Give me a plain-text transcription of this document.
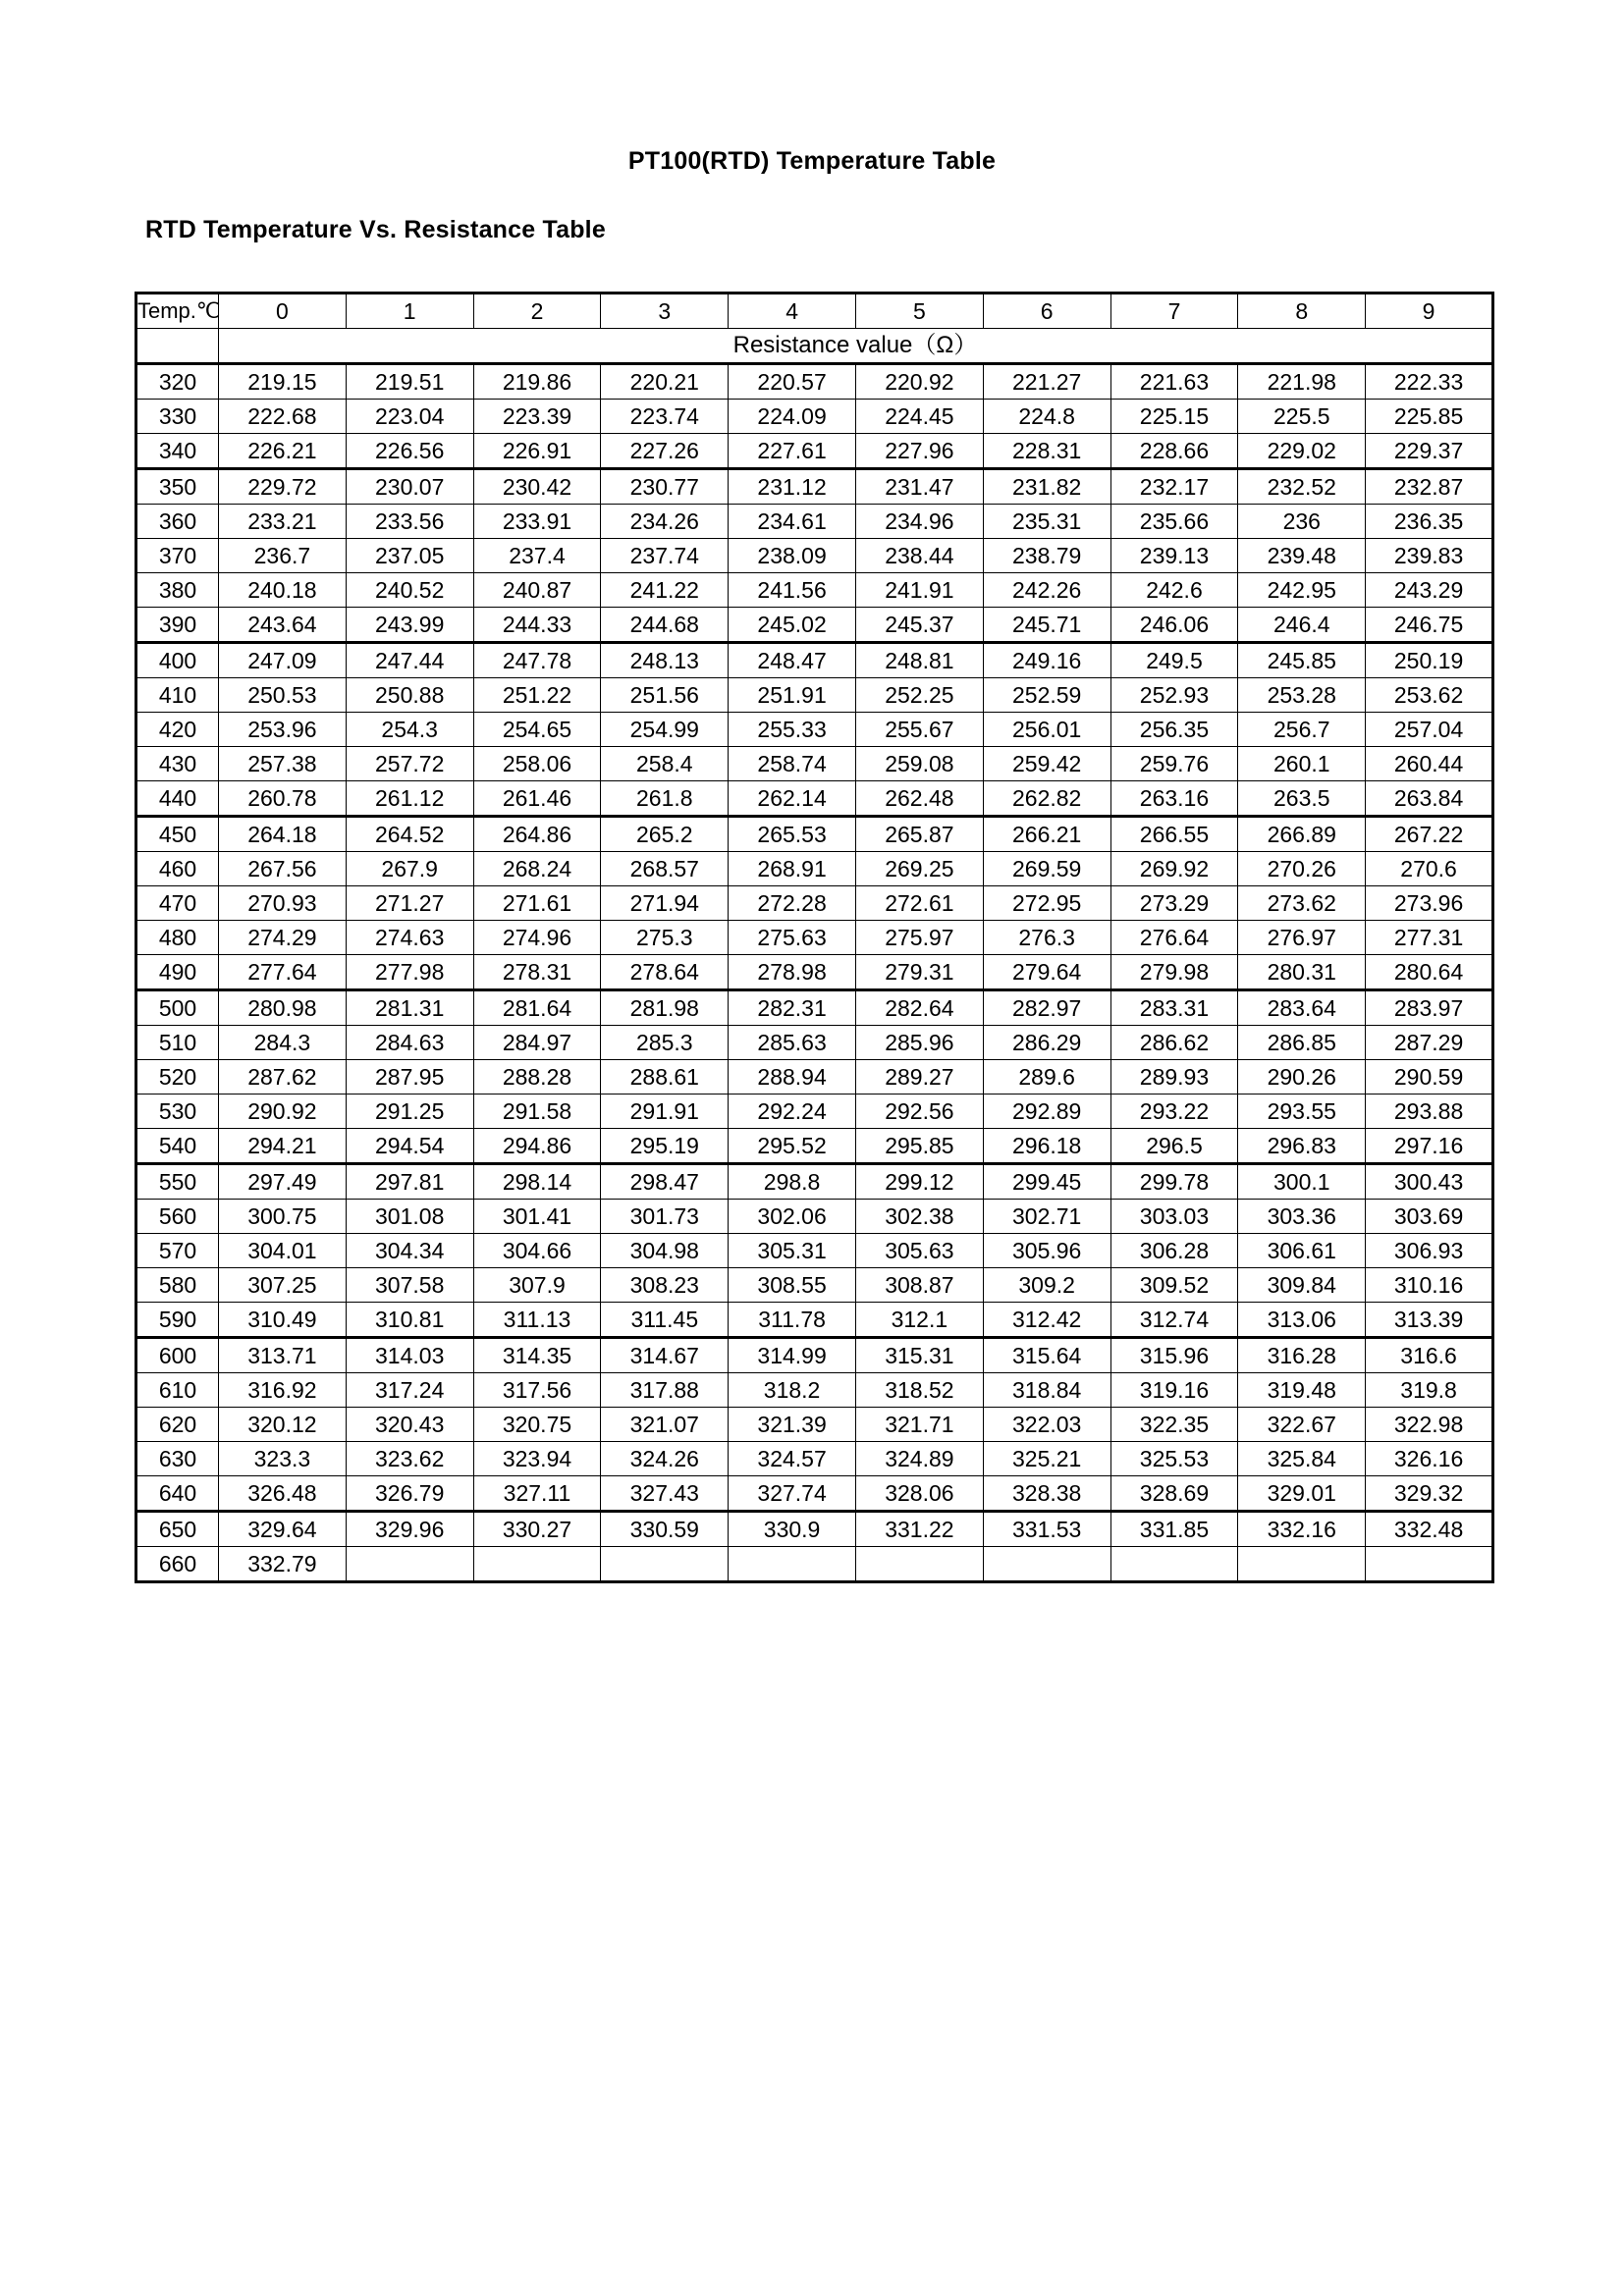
PT100(RTD) Temperature Table
RTD Temperature Vs. Resistance Table
Temp.℃	0	1	2	3	4	5	6	7	8	9
	Resistance value（Ω）									
320	219.15	219.51	219.86	220.21	220.57	220.92	221.27	221.63	221.98	222.33
330	222.68	223.04	223.39	223.74	224.09	224.45	224.8	225.15	225.5	225.85
340	226.21	226.56	226.91	227.26	227.61	227.96	228.31	228.66	229.02	229.37
350	229.72	230.07	230.42	230.77	231.12	231.47	231.82	232.17	232.52	232.87
360	233.21	233.56	233.91	234.26	234.61	234.96	235.31	235.66	236	236.35
370	236.7	237.05	237.4	237.74	238.09	238.44	238.79	239.13	239.48	239.83
380	240.18	240.52	240.87	241.22	241.56	241.91	242.26	242.6	242.95	243.29
390	243.64	243.99	244.33	244.68	245.02	245.37	245.71	246.06	246.4	246.75
400	247.09	247.44	247.78	248.13	248.47	248.81	249.16	249.5	245.85	250.19
410	250.53	250.88	251.22	251.56	251.91	252.25	252.59	252.93	253.28	253.62
420	253.96	254.3	254.65	254.99	255.33	255.67	256.01	256.35	256.7	257.04
430	257.38	257.72	258.06	258.4	258.74	259.08	259.42	259.76	260.1	260.44
440	260.78	261.12	261.46	261.8	262.14	262.48	262.82	263.16	263.5	263.84
450	264.18	264.52	264.86	265.2	265.53	265.87	266.21	266.55	266.89	267.22
460	267.56	267.9	268.24	268.57	268.91	269.25	269.59	269.92	270.26	270.6
470	270.93	271.27	271.61	271.94	272.28	272.61	272.95	273.29	273.62	273.96
480	274.29	274.63	274.96	275.3	275.63	275.97	276.3	276.64	276.97	277.31
490	277.64	277.98	278.31	278.64	278.98	279.31	279.64	279.98	280.31	280.64
500	280.98	281.31	281.64	281.98	282.31	282.64	282.97	283.31	283.64	283.97
510	284.3	284.63	284.97	285.3	285.63	285.96	286.29	286.62	286.85	287.29
520	287.62	287.95	288.28	288.61	288.94	289.27	289.6	289.93	290.26	290.59
530	290.92	291.25	291.58	291.91	292.24	292.56	292.89	293.22	293.55	293.88
540	294.21	294.54	294.86	295.19	295.52	295.85	296.18	296.5	296.83	297.16
550	297.49	297.81	298.14	298.47	298.8	299.12	299.45	299.78	300.1	300.43
560	300.75	301.08	301.41	301.73	302.06	302.38	302.71	303.03	303.36	303.69
570	304.01	304.34	304.66	304.98	305.31	305.63	305.96	306.28	306.61	306.93
580	307.25	307.58	307.9	308.23	308.55	308.87	309.2	309.52	309.84	310.16
590	310.49	310.81	311.13	311.45	311.78	312.1	312.42	312.74	313.06	313.39
600	313.71	314.03	314.35	314.67	314.99	315.31	315.64	315.96	316.28	316.6
610	316.92	317.24	317.56	317.88	318.2	318.52	318.84	319.16	319.48	319.8
620	320.12	320.43	320.75	321.07	321.39	321.71	322.03	322.35	322.67	322.98
630	323.3	323.62	323.94	324.26	324.57	324.89	325.21	325.53	325.84	326.16
640	326.48	326.79	327.11	327.43	327.74	328.06	328.38	328.69	329.01	329.32
650	329.64	329.96	330.27	330.59	330.9	331.22	331.53	331.85	332.16	332.48
660	332.79									
